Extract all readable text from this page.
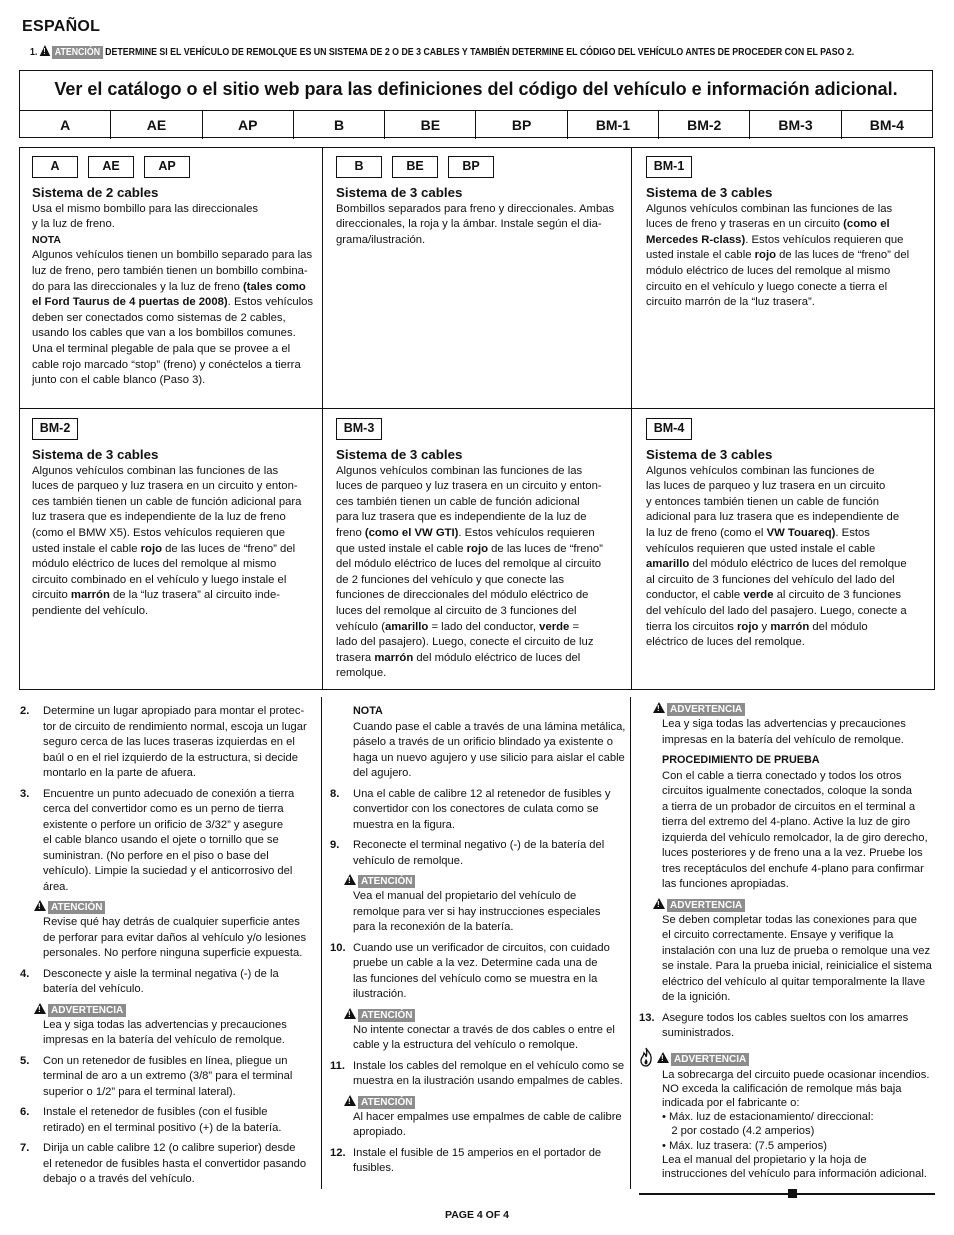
ESPAÑOL
1. ! ATENCIÓN DETERMINE SI EL VEHÍCULO DE REMOLQUE ES UN SISTEMA DE 2 O DE 3 CABLES Y TAMBIÉN DETERMINE EL CÓDIGO DEL VEHÍCULO ANTES DE PROCEDER CON EL PASO 2.
Ver el catálogo o el sitio web para las definiciones del código del vehículo e información adicional.
A	AE	AP	B	BE	BP	BM-1	BM-2	BM-3	BM-4
A	AE	AP
Sistema de 2 cables

Usa el mismo bombillo para las direccionales

y la luz de freno.

NOTA

Algunos vehículos tienen un bombillo separado para las

luz de freno, pero también tienen un bombillo combina-

do para las direccionales y la luz de freno (tales como

el Ford Taurus de 4 puertas de 2008). Estos vehículos

deben ser conectados como sistemas de 2 cables,

usando los cables que van a los bombillos comunes.

Una el terminal plegable de pala que se provee a el

cable rojo marcado “stop” (freno) y conéctelos a tierra

junto con el cable blanco (Paso 3).

B	BE	BP
Sistema de 3 cables

Bombillos separados para freno y direccionales. Ambas

direccionales, la roja y la ámbar. Instale según el dia-

grama/ilustración.

BM-1
Sistema de 3 cables

Algunos vehículos combinan las funciones de las

luces de freno y traseras en un circuito (como el

Mercedes R-class). Estos vehículos requieren que

usted instale el cable rojo de las luces de “freno” del

módulo eléctrico de luces del remolque al mismo

circuito en el vehículo y luego conecte a tierra el

circuito marrón de la “luz trasera”.

BM-2
Sistema de 3 cables

Algunos vehículos combinan las funciones de las

luces de parqueo y luz trasera en un circuito y enton-

ces también tienen un cable de función adicional para

luz trasera que es independiente de la luz de freno

(como el BMW X5). Estos vehículos requieren que

usted instale el cable rojo de las luces de “freno” del

módulo eléctrico de luces del remolque al mismo

circuito combinado en el vehículo y luego instale el

circuito marrón de la “luz trasera” al circuito inde-

pendiente del vehículo.

BM-3
Sistema de 3 cables

Algunos vehículos combinan las funciones de las

luces de parqueo y luz trasera en un circuito y enton-

ces también tienen un cable de función adicional

para luz trasera que es independiente de la luz de

freno (como el VW GTI). Estos vehículos requieren

que usted instale el cable rojo de las luces de “freno”

del módulo eléctrico de luces del remolque al circuito

de 2 funciones del vehículo y que conecte las

funciones de direccionales del módulo eléctrico de

luces del remolque al circuito de 3 funciones del

vehículo (amarillo = lado del conductor, verde =

lado del pasajero). Luego, conecte el circuito de luz

trasera marrón del módulo eléctrico de luces del

remolque.

BM-4
Sistema de 3 cables

Algunos vehículos combinan las funciones de

las luces de parqueo y luz trasera en un circuito

y entonces también tienen un cable de función

adicional para luz trasera que es independiente de

la luz de freno (como el VW Touareq). Estos

vehículos requieren que usted instale el cable

amarillo del módulo eléctrico de luces del remolque

al circuito de 3 funciones del vehículo del lado del

conductor, el cable verde al circuito de 3 funciones

del vehículo del lado del pasajero. Luego, conecte a

tierra los circuitos rojo y marrón del módulo

eléctrico de luces del remolque.

2. Determine un lugar apropiado para montar el protec-
tor de circuito de rendimiento normal, escoja un lugar
seguro cerca de las luces traseras izquierdas en el
baúl o en el riel izquierdo de la estructura, si decide
montarlo en la parte de afuera.
3. Encuentre un punto adecuado de conexión a tierra
cerca del convertidor como es un perno de tierra
existente o perfore un orificio de 3/32” y asegure
el cable blanco usando el ojete o tornillo que se
suministran. (No perfore en el piso o base del
vehículo). Limpie la suciedad y el anticorrosivo del
área.
!ATENCIÓN
Revise qué hay detrás de cualquier superficie antes
de perforar para evitar daños al vehículo y/o lesiones
personales. No perfore ninguna superficie expuesta.
4. Desconecte y aisle la terminal negativa (-) de la
batería del vehículo.
!ADVERTENCIA
Lea y siga todas las advertencias y precauciones
impresas en la batería del vehículo de remolque.
5. Con un retenedor de fusibles en línea, pliegue un
terminal de aro a un extremo (3/8” para el terminal
superior o 1/2” para el terminal lateral).
6. Instale el retenedor de fusibles (con el fusible
retirado) en el terminal positivo (+) de la batería.
7. Dirija un cable calibre 12 (o calibre superior) desde
el retenedor de fusibles hasta el convertidor pasando
debajo o a través del vehículo.
NOTA
Cuando pase el cable a través de una lámina metálica,
páselo a través de un orificio blindado ya existente o
haga un nuevo agujero y use silicio para aislar el cable
del agujero.
8. Una el cable de calibre 12 al retenedor de fusibles y
convertidor con los conectores de culata como se
muestra en la figura.
9. Reconecte el terminal negativo (-) de la batería del
vehículo de remolque.
!ATENCIÓN
Vea el manual del propietario del vehículo de
remolque para ver si hay instrucciones especiales
para la reconexión de la batería.
10. Cuando use un verificador de circuitos, con cuidado
pruebe un cable a la vez. Determine cada una de
las funciones del vehículo como se muestra en la
ilustración.
!ATENCIÓN
No intente conectar a través de dos cables o entre el
cable y la estructura del vehículo o remolque.
11. Instale los cables del remolque en el vehículo como se
muestra en la ilustración usando empalmes de cables.
!ATENCIÓN
Al hacer empalmes use empalmes de cable de calibre
apropiado.
12. Instale el fusible de 15 amperios en el portador de
fusibles.
!ADVERTENCIA
Lea y siga todas las advertencias y precauciones
impresas en la batería del vehículo de remolque.
PROCEDIMIENTO DE PRUEBA
Con el cable a tierra conectado y todos los otros
circuitos igualmente conectados, coloque la sonda
a tierra de un probador de circuitos en el terminal a
tierra del extremo del 4-plano. Active la luz de giro
izquierda del vehículo remolcador, la de giro derecho,
luces posteriores y de freno una a la vez. Pruebe los
tres receptáculos del enchufe 4-plano para confirmar
las funciones apropiadas.
!ADVERTENCIA
Se deben completar todas las conexiones para que
el circuito correctamente. Ensaye y verifique la
instalación con una luz de prueba o remolque una vez
se instale. Para la prueba inicial, reinicialice el sistema
eléctrico del vehículo al quitar temporalmente la llave
de la ignición.
13. Asegure todos los cables sueltos con los amarres
suministrados.
!ADVERTENCIA
La sobrecarga del circuito puede ocasionar incendios.
NO exceda la calificación de remolque más baja
indicada por el fabricante o:
• Máx. luz de estacionamiento/ direccional:
2 por costado (4.2 amperios)
• Máx. luz trasera: (7.5 amperios)
Lea el manual del propietario y la hoja de
instrucciones del vehículo para información adicional.
PAGE 4 OF 4
